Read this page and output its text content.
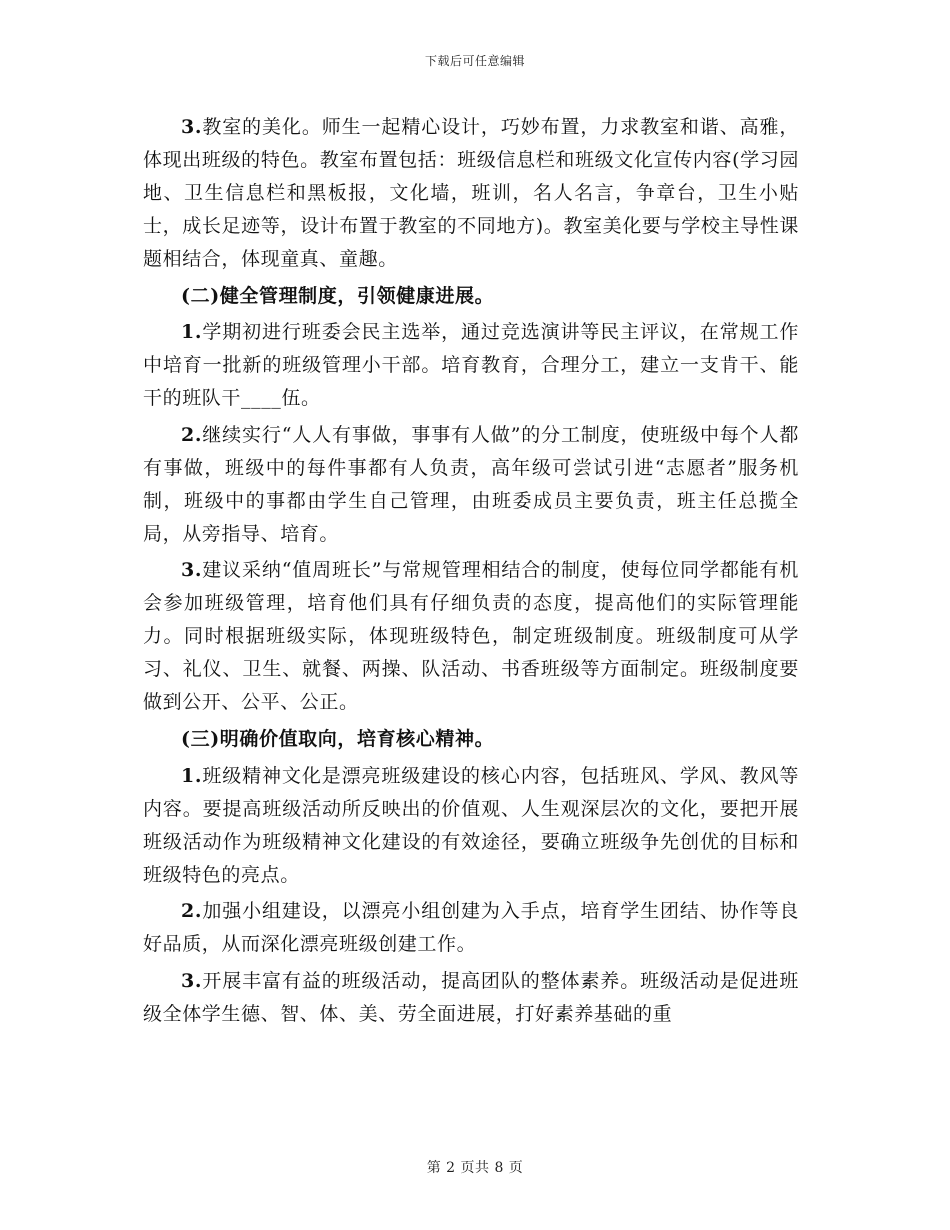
下载后可任意编辑

3.教室的美化。师生一起精心设计，巧妙布置，力求教室和谐、高雅，体现出班级的特色。教室布置包括：班级信息栏和班级文化宣传内容(学习园地、卫生信息栏和黑板报，文化墙，班训，名人名言，争章台，卫生小贴士，成长足迹等，设计布置于教室的不同地方)。教室美化要与学校主导性课题相结合，体现童真、童趣。

(二)健全管理制度，引领健康进展。

1.学期初进行班委会民主选举，通过竞选演讲等民主评议，在常规工作中培育一批新的班级管理小干部。培育教育，合理分工，建立一支肯干、能干的班队干____伍。

2.继续实行“人人有事做，事事有人做”的分工制度，使班级中每个人都有事做，班级中的每件事都有人负责，高年级可尝试引进“志愿者”服务机制，班级中的事都由学生自己管理，由班委成员主要负责，班主任总揽全局，从旁指导、培育。

3.建议采纳“值周班长”与常规管理相结合的制度，使每位同学都能有机会参加班级管理，培育他们具有仔细负责的态度，提高他们的实际管理能力。同时根据班级实际，体现班级特色，制定班级制度。班级制度可从学习、礼仪、卫生、就餐、两操、队活动、书香班级等方面制定。班级制度要做到公开、公平、公正。

(三)明确价值取向，培育核心精神。

1.班级精神文化是漂亮班级建设的核心内容，包括班风、学风、教风等内容。要提高班级活动所反映出的价值观、人生观深层次的文化，要把开展班级活动作为班级精神文化建设的有效途径，要确立班级争先创优的目标和班级特色的亮点。

2.加强小组建设，以漂亮小组创建为入手点，培育学生团结、协作等良好品质，从而深化漂亮班级创建工作。

3.开展丰富有益的班级活动，提高团队的整体素养。班级活动是促进班级全体学生德、智、体、美、劳全面进展，打好素养基础的重

第 2 页共 8 页
